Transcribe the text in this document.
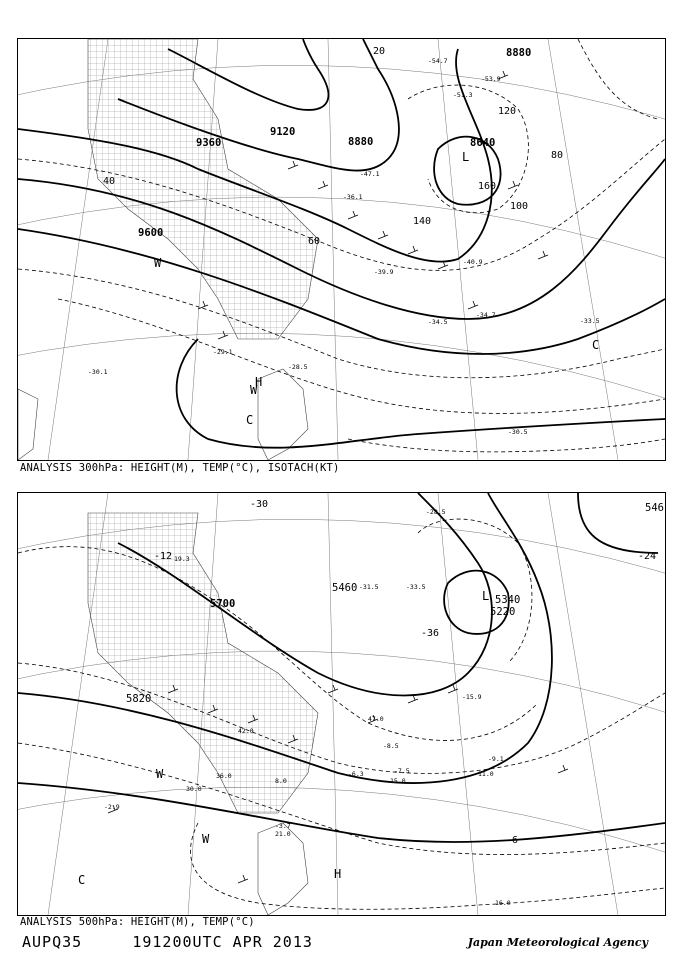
9360
9120
8880	8640
9600
8880
20
40
60
80
100
120
140
160
-30.5
-34.5
-34.7
-39.9
-40.9
-33.5
-29.1
-28.5
-30.1
-36.1
-51.3
-54.7
-53.9
-47.1
L
H
C
C
W
W
ANALYSIS 300hPa: HEIGHT(M), TEMP(°C), ISOTACH(KT)
5700
5820
5460
5340
5220
546
-12
-30
-24
-36
-6
-9.1
-7.5
-6.3
-3.7
-2.9
-8.5
-28.5
-31.5	-33.5
-15.9
19.3
47.0
42.0
36.0
30.0
21.0
16.0
11.0
15.0
8.0
L
H
C
W
W
ANALYSIS 500hPa: HEIGHT(M), TEMP(°C)
AUPQ35	191200UTC APR 2013	Japan Meteorological Agency
